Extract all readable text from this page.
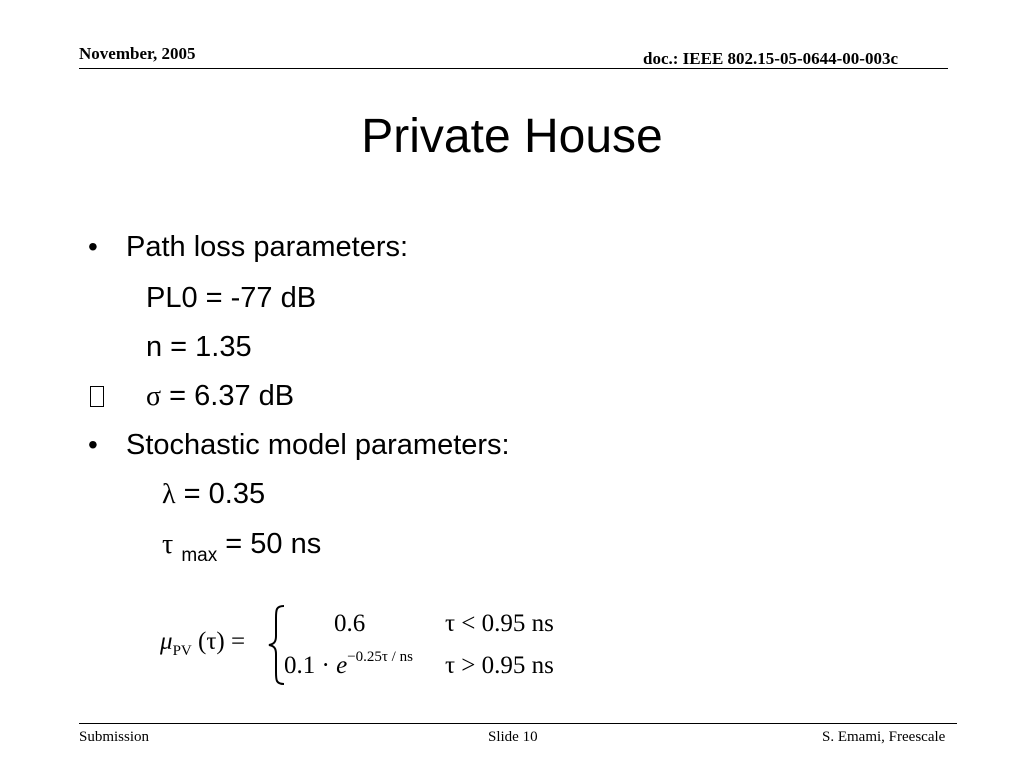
November, 2005	doc.: IEEE 802.15-05-0644-00-003c
Private House
• Path loss parameters:
PL0 = -77 dB
n = 1.35
σ = 6.37 dB
• Stochastic model parameters:
λ = 0.35
τ $_{max}$ = 50 ns
$\mu_{PV}$ (τ) =
0.6	τ < 0.95 ns
$0.1 \cdot e^{-0.25\tau / ns}$ τ > 0.95 ns
Submission	Slide 10	S. Emami, Freescale
